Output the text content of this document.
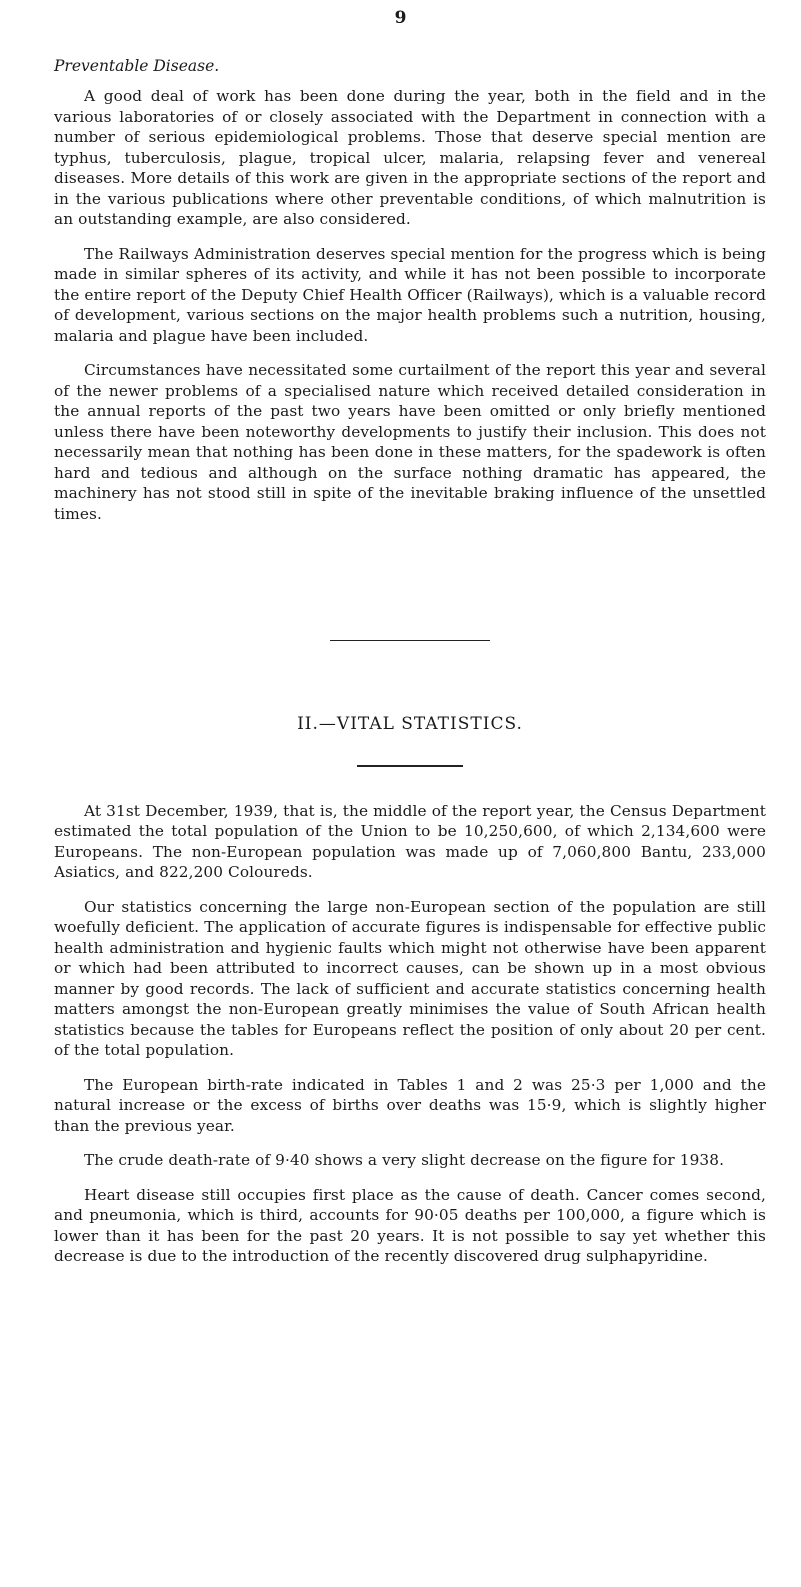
9
Preventable Disease.

A good deal of work has been done during the year, both in the field and in the various laboratories of or closely associated with the Department in connection with a number of serious epidemiological problems. Those that deserve special mention are typhus, tuberculosis, plague, tropical ulcer, malaria, relapsing fever and venereal diseases. More details of this work are given in the appropriate sections of the report and in the various publications where other preventable conditions, of which malnutrition is an outstanding example, are also considered.

The Railways Administration deserves special mention for the progress which is being made in similar spheres of its activity, and while it has not been possible to incorporate the entire report of the Deputy Chief Health Officer (Railways), which is a valuable record of development, various sections on the major health problems such a nutrition, housing, malaria and plague have been included.

Circumstances have necessitated some curtailment of the report this year and several of the newer problems of a specialised nature which received detailed consideration in the annual reports of the past two years have been omitted or only briefly mentioned unless there have been noteworthy developments to justify their inclusion. This does not necessarily mean that nothing has been done in these matters, for the spadework is often hard and tedious and although on the surface nothing dramatic has appeared, the machinery has not stood still in spite of the inevitable braking influence of the unsettled times.

II.—VITAL STATISTICS.

At 31st December, 1939, that is, the middle of the report year, the Census Department estimated the total population of the Union to be 10,250,600, of which 2,134,600 were Europeans. The non-European population was made up of 7,060,800 Bantu, 233,000 Asiatics, and 822,200 Coloureds.

Our statistics concerning the large non-European section of the population are still woefully deficient. The application of accurate figures is indispensable for effective public health administration and hygienic faults which might not otherwise have been apparent or which had been attributed to incorrect causes, can be shown up in a most obvious manner by good records. The lack of sufficient and accurate statistics concerning health matters amongst the non-European greatly minimises the value of South African health statistics because the tables for Europeans reflect the position of only about 20 per cent. of the total population.

The European birth-rate indicated in Tables 1 and 2 was 25·3 per 1,000 and the natural increase or the excess of births over deaths was 15·9, which is slightly higher than the previous year.

The crude death-rate of 9·40 shows a very slight decrease on the figure for 1938.

Heart disease still occupies first place as the cause of death. Cancer comes second, and pneumonia, which is third, accounts for 90·05 deaths per 100,000, a figure which is lower than it has been for the past 20 years. It is not possible to say yet whether this decrease is due to the introduction of the recently discovered drug sulphapyridine.
